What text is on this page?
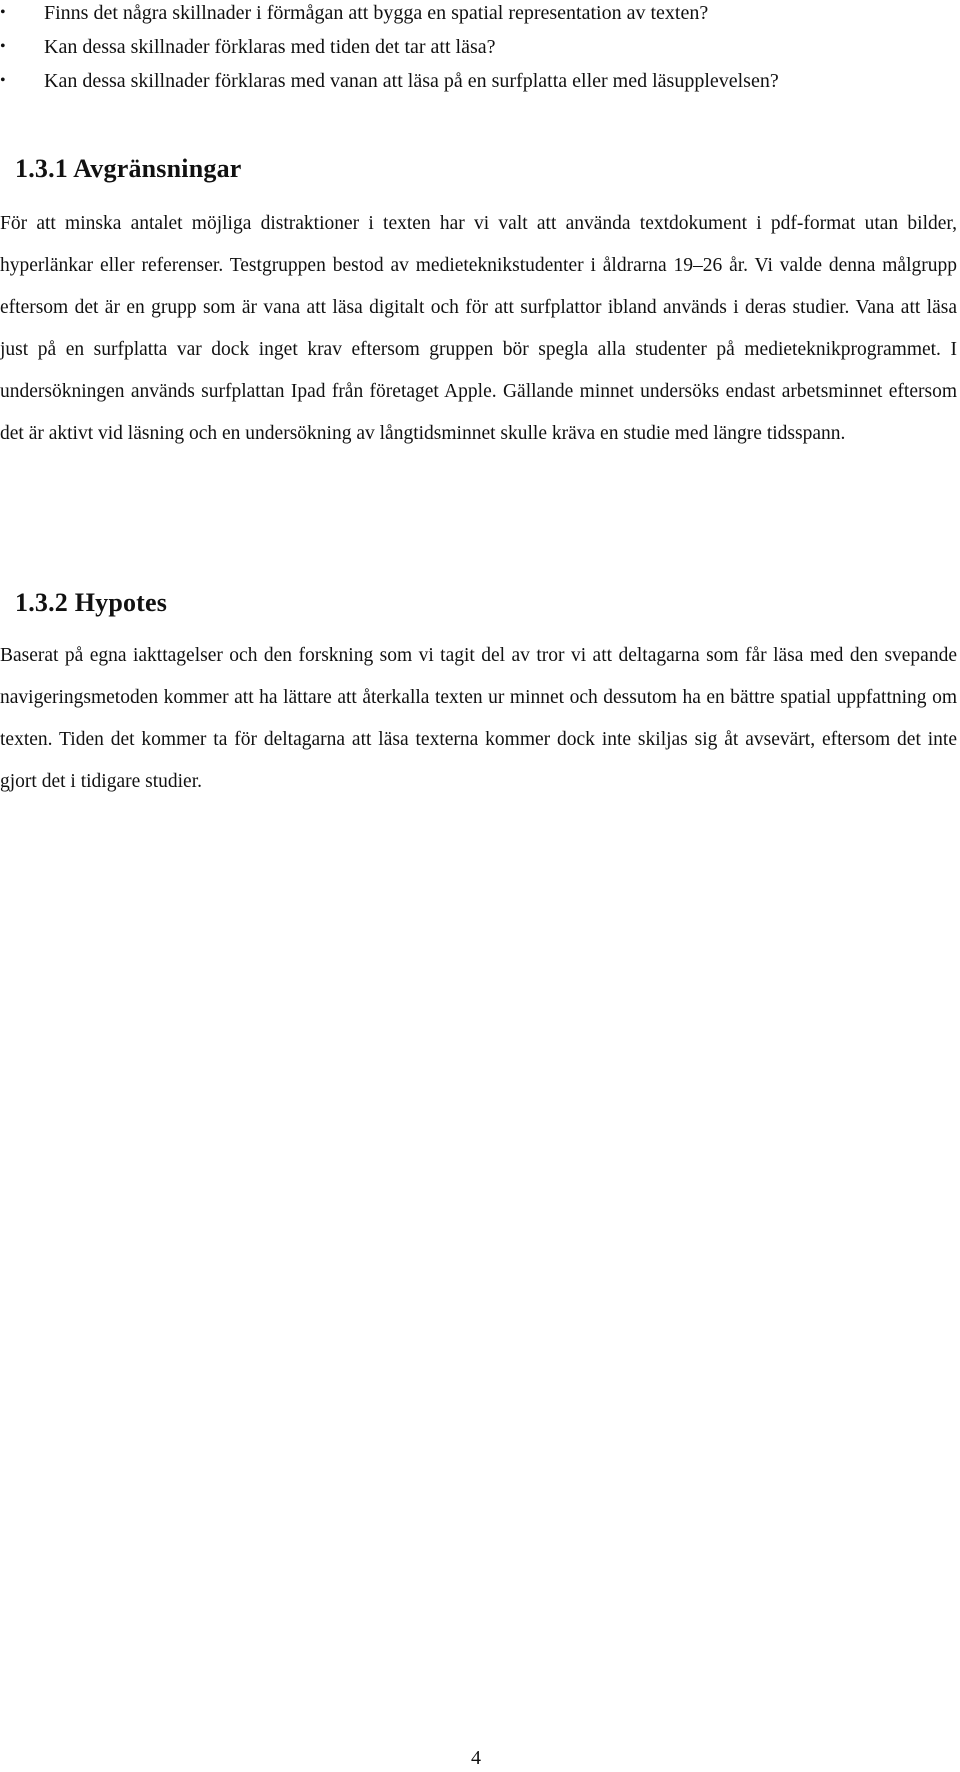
• Finns det några skillnader i förmågan att bygga en spatial representation av texten?
• Kan dessa skillnader förklaras med tiden det tar att läsa?
• Kan dessa skillnader förklaras med vanan att läsa på en surfplatta eller med läsupplevelsen?
1.3.1 Avgränsningar

För att minska antalet möjliga distraktioner i texten har vi valt att använda textdokument i pdf-format utan bilder, hyperlänkar eller referenser. Testgruppen bestod av medieteknikstudenter i åldrarna 19–26 år. Vi valde denna målgrupp eftersom det är en grupp som är vana att läsa digitalt och för att surfplattor ibland används i deras studier. Vana att läsa just på en surfplatta var dock inget krav eftersom gruppen bör spegla alla studenter på medieteknikprogrammet. I undersökningen används surfplattan Ipad från företaget Apple. Gällande minnet undersöks endast arbetsminnet eftersom det är aktivt vid läsning och en undersökning av långtidsminnet skulle kräva en studie med längre tidsspann.

1.3.2 Hypotes

Baserat på egna iakttagelser och den forskning som vi tagit del av tror vi att deltagarna som får läsa med den svepande navigeringsmetoden kommer att ha lättare att återkalla texten ur minnet och dessutom ha en bättre spatial uppfattning om texten. Tiden det kommer ta för deltagarna att läsa texterna kommer dock inte skiljas sig åt avsevärt, eftersom det inte gjort det i tidigare studier.

4
